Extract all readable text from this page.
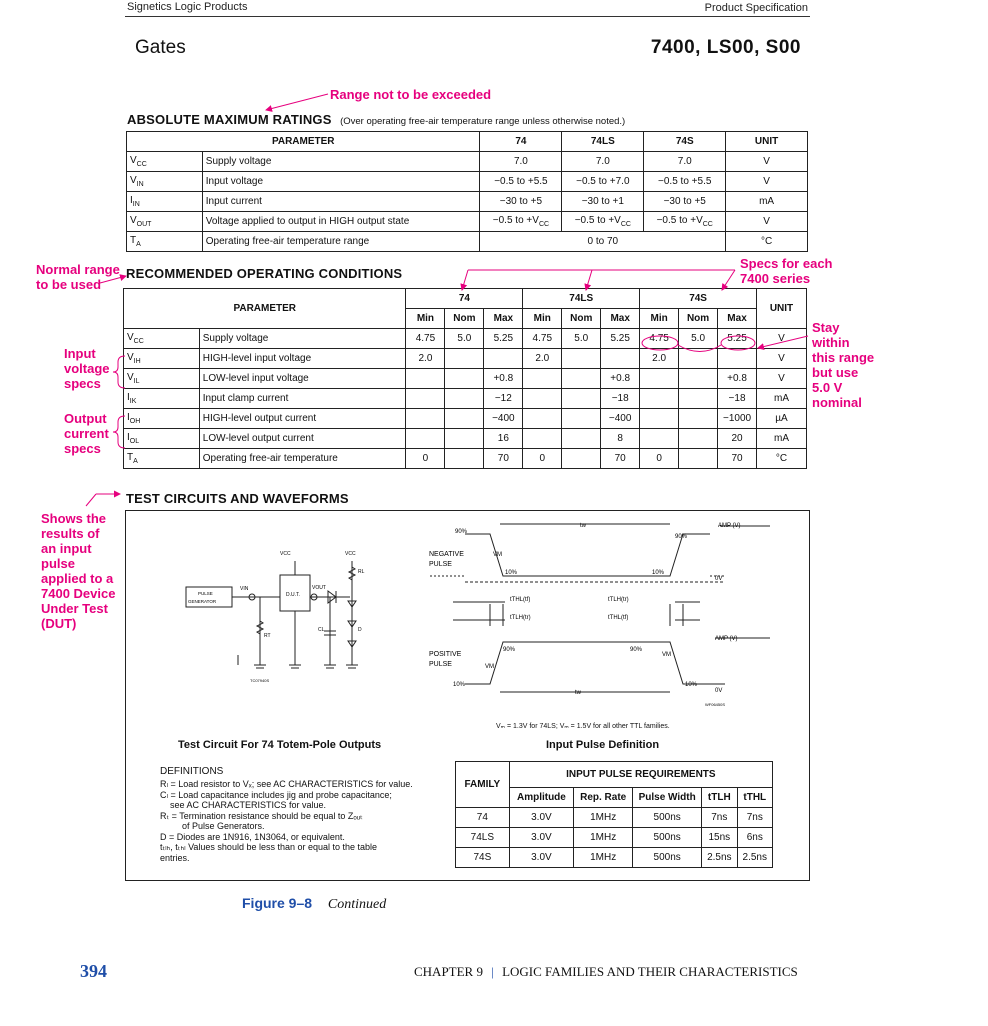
Signetics Logic Products	Product Specification
Gates	7400, LS00, S00
Range not to be exceeded
ABSOLUTE MAXIMUM RATINGS (Over operating free-air temperature range unless otherwise noted.)
PARAMETER		74	74LS	74S	UNIT
$V_{CC}$	Supply voltage	7.0	7.0	7.0	V
$V_{IN}$	Input voltage	−0.5 to +5.5	−0.5 to +7.0	−0.5 to +5.5	V
$I_{IN}$	Input current	−30 to +5	−30 to +1	−30 to +5	mA
$V_{OUT}$	Voltage applied to output in HIGH output state	−0.5 to $+V_{CC}$	−0.5 to $+V_{CC}$	−0.5 to $+V_{CC}$	V
$T_A$	Operating free-air temperature range	0 to 70			°C
Normal range
to be used
Specs for each
7400 series
RECOMMENDED OPERATING CONDITIONS
PARAMETER		74			74LS			74S			UNIT
		Min	Nom	Max	Min	Nom	Max	Min	Nom	Max	
$V_{CC}$	Supply voltage	4.75	5.0	5.25	4.75	5.0	5.25	4.75	5.0	5.25	V
$V_{IH}$	HIGH-level input voltage	2.0			2.0			2.0			V
$V_{IL}$	LOW-level input voltage			+0.8			+0.8			+0.8	V
$I_{IK}$	Input clamp current			−12			−18			−18	mA
$I_{OH}$	HIGH-level output current			−400			−400			−1000	µA
$I_{OL}$	LOW-level output current			16			8			20	mA
$T_A$	Operating free-air temperature	0		70	0		70	0		70	°C
Stay
within
this range
but use
5.0 V
nominal
Input
voltage
specs
Output
current
specs
TEST CIRCUITS AND WAVEFORMS
Shows the
results of
an input
pulse
applied to a
7400 Device
Under Test
(DUT)
VCC	VCC
RL
PULSE
GENERATOR
VIN
D.U.T.
VOUT
RT
CL	D
TC07940S
90%
tw	AMP (V)
90%
NEGATIVE
PULSE
VM
10%	10%
0V
tTHL(tf)	tTLH(tr)
tTLH(tr)	tTHL(tf)
POSITIVE
PULSE
90%	90%
10%	10%
AMP (V)
0V
tw
VM
VM
WF06450S
Vₘ = 1.3V for 74LS; Vₘ = 1.5V for all other TTL families.
Test Circuit For 74 Totem-Pole Outputs	Input Pulse Definition
DEFINITIONS
Rₗ = Load resistor to Vₓ; see AC CHARACTERISTICS for value.
Cₗ = Load capacitance includes jig and probe capacitance;
see AC CHARACTERISTICS for value.
Rₜ = Termination resistance should be equal to Zₒᵤₜ
of Pulse Generators.
D = Diodes are 1N916, 1N3064, or equivalent.
tₜₗₕ, tₜₕₗ Values should be less than or equal to the table
entries.
FAMILY	INPUT PULSE REQUIREMENTS				
	Amplitude	Rep. Rate	Pulse Width	tTLH	tTHL
74	3.0V	1MHz	500ns	7ns	7ns
74LS	3.0V	1MHz	500ns	15ns	6ns
74S	3.0V	1MHz	500ns	2.5ns	2.5ns
Figure 9–8 Continued
394	CHAPTER 9 | LOGIC FAMILIES AND THEIR CHARACTERISTICS
